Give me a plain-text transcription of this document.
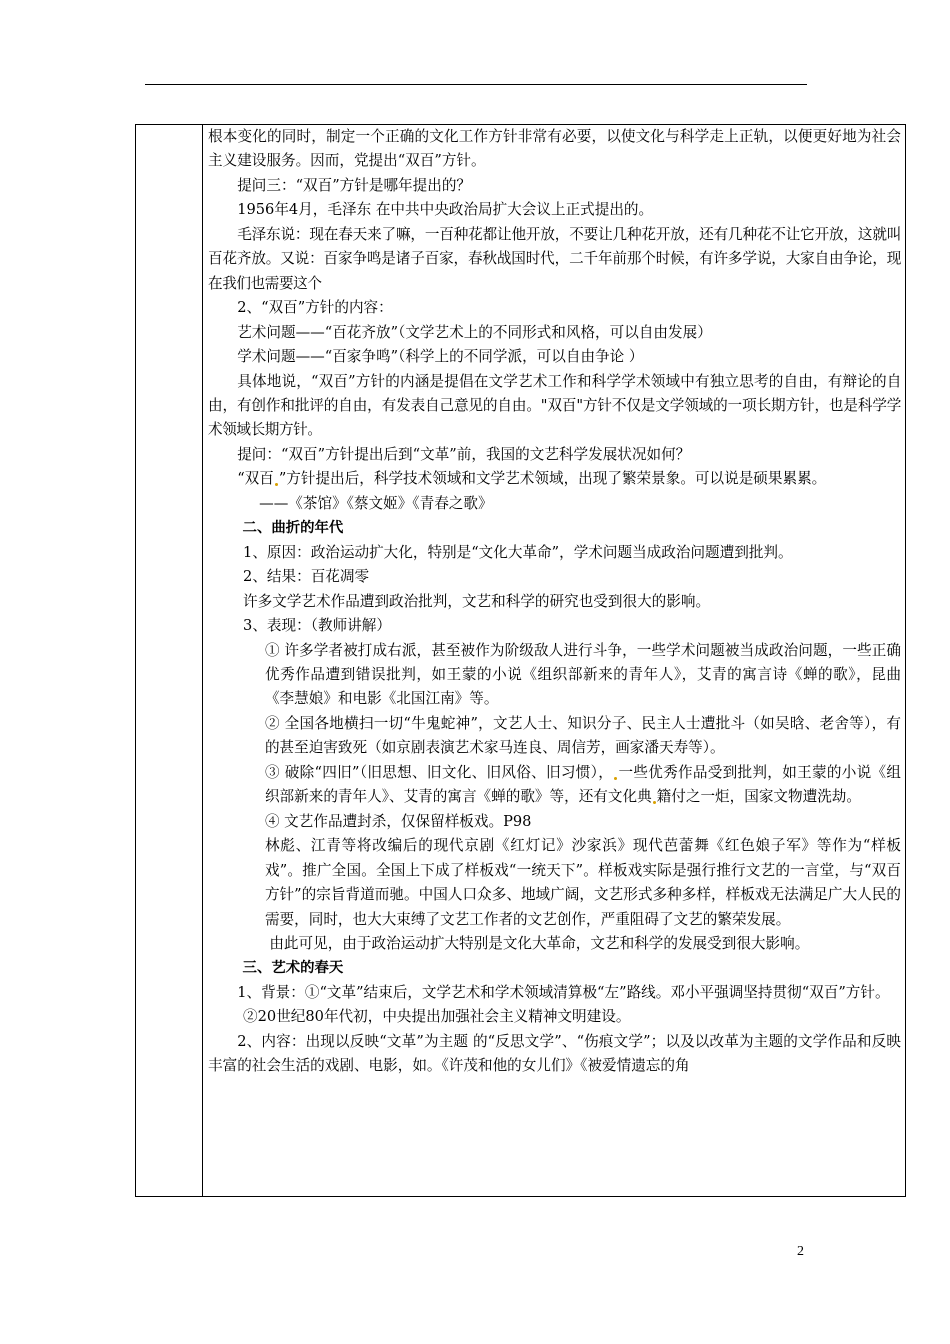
根本变化的同时，制定一个正确的文化工作方针非常有必要，以使文化与科学走上正轨，以便更好地为社会主义建设服务。因而，党提出“双百”方针。

提问三：“双百”方针是哪年提出的？

1956年4月，毛泽东 在中共中央政治局扩大会议上正式提出的。

毛泽东说：现在春天来了嘛，一百种花都让他开放，不要让几种花开放，还有几种花不让它开放，这就叫百花齐放。又说：百家争鸣是诸子百家，春秋战国时代，二千年前那个时候，有许多学说，大家自由争论，现在我们也需要这个

2、“双百”方针的内容：

艺术问题——“百花齐放”（文学艺术上的不同形式和风格，可以自由发展）

学术问题——“百家争鸣”（科学上的不同学派，可以自由争论 ）

具体地说，“双百”方针的内涵是提倡在文学艺术工作和科学学术领域中有独立思考的自由，有辩论的自由，有创作和批评的自由，有发表自己意见的自由。"双百"方针不仅是文学领域的一项长期方针，也是科学学术领域长期方针。

提问：“双百”方针提出后到“文革”前，我国的文艺科学发展状况如何？

“双百 ”方针提出后，科学技术领域和文学艺术领域，出现了繁荣景象。可以说是硕果累累。

——《茶馆》《蔡文姬》《青春之歌》

二、曲折的年代

1、原因：政治运动扩大化，特别是“文化大革命”，学术问题当成政治问题遭到批判。

2、结果：百花凋零

许多文学艺术作品遭到政治批判，文艺和科学的研究也受到很大的影响。

3、表现：（教师讲解）

① 许多学者被打成右派，甚至被作为阶级敌人进行斗争，一些学术问题被当成政治问题，一些正确优秀作品遭到错误批判，如王蒙的小说《组织部新来的青年人》，艾青的寓言诗《蝉的歌》，昆曲《李慧娘》和电影《北国江南》等。

② 全国各地横扫一切“牛鬼蛇神”，文艺人士、知识分子、民主人士遭批斗（如吴晗、老舍等），有的甚至迫害致死（如京剧表演艺术家马连良、周信芳，画家潘天寿等）。

③ 破除“四旧”（旧思想、旧文化、旧风俗、旧习惯）， 一些优秀作品受到批判，如王蒙的小说《组织部新来的青年人》、艾青的寓言《蝉的歌》等，还有文化典 籍付之一炬，国家文物遭洗劫。

④ 文艺作品遭封杀，仅保留样板戏。P98

林彪、江青等将改编后的现代京剧《红灯记》沙家浜》现代芭蕾舞《红色娘子军》等作为“样板戏”。推广全国。全国上下成了样板戏“一统天下”。样板戏实际是强行推行文艺的一言堂，与“双百方针”的宗旨背道而驰。中国人口众多、地域广阔，文艺形式多种多样，样板戏无法满足广大人民的需要，同时，也大大束缚了文艺工作者的文艺创作，严重阻碍了文艺的繁荣发展。

由此可见，由于政治运动扩大特别是文化大革命，文艺和科学的发展受到很大影响。

三、艺术的春天

1、背景：①“文革”结束后，文学艺术和学术领域清算极“左”路线。邓小平强调坚持贯彻“双百”方针。

②20世纪80年代初，中央提出加强社会主义精神文明建设。

2、内容：出现以反映“文革”为主题 的“反思文学”、“伤痕文学”；以及以改革为主题的文学作品和反映丰富的社会生活的戏剧、电影，如。《许茂和他的女儿们》《被爱情遗忘的角

2
